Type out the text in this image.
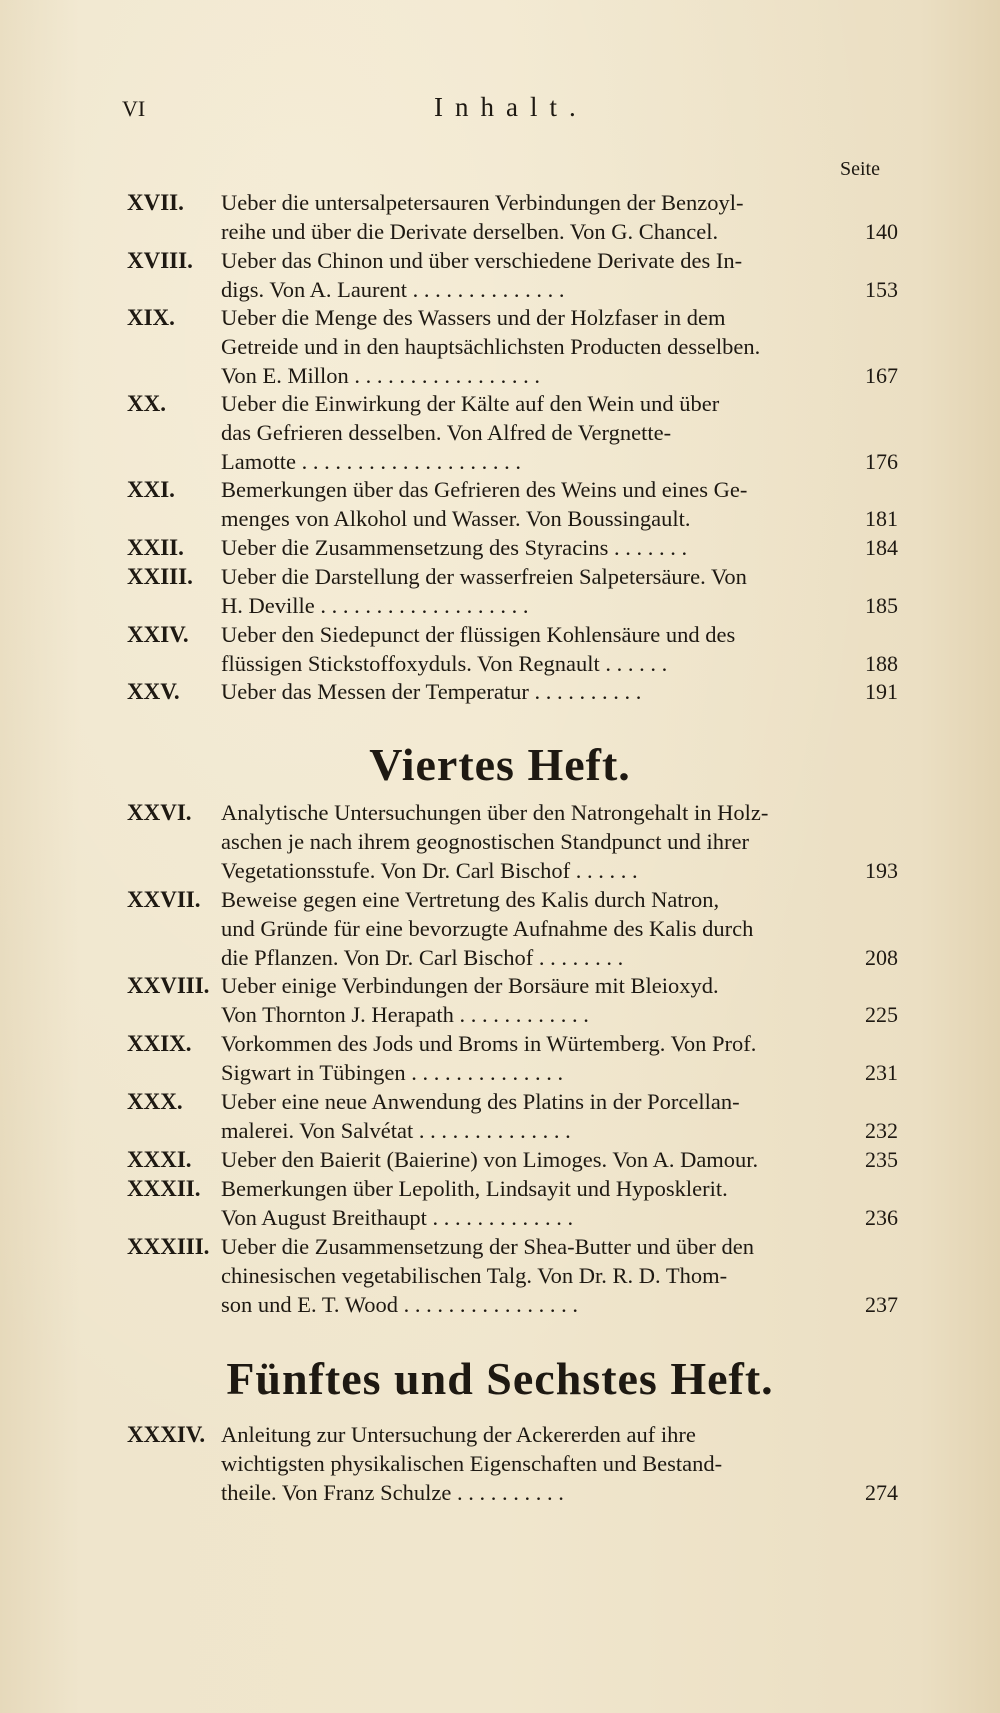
VI	Inhalt.
Seite
XVII. Ueber die untersalpetersauren Verbindungen der Benzoyl-
reihe und über die Derivate derselben. Von G. Chancel.	140
XVIII. Ueber das Chinon und über verschiedene Derivate des In-
digs. Von A. Laurent . . . . . . . . . . . . . .	153
XIX. Ueber die Menge des Wassers und der Holzfaser in dem
Getreide und in den hauptsächlichsten Producten desselben.
Von E. Millon . . . . . . . . . . . . . . . . .	167
XX. Ueber die Einwirkung der Kälte auf den Wein und über
das Gefrieren desselben. Von Alfred de Vergnette-
Lamotte . . . . . . . . . . . . . . . . . . . .	176
XXI. Bemerkungen über das Gefrieren des Weins und eines Ge-
menges von Alkohol und Wasser. Von Boussingault.	181
XXII. Ueber die Zusammensetzung des Styracins . . . . . . .	184
XXIII. Ueber die Darstellung der wasserfreien Salpetersäure. Von
H. Deville . . . . . . . . . . . . . . . . . . .	185
XXIV. Ueber den Siedepunct der flüssigen Kohlensäure und des
flüssigen Stickstoffoxyduls. Von Regnault . . . . . .	188
XXV. Ueber das Messen der Temperatur . . . . . . . . . .	191
XXVI. Analytische Untersuchungen über den Natrongehalt in Holz-
aschen je nach ihrem geognostischen Standpunct und ihrer
Vegetationsstufe. Von Dr. Carl Bischof . . . . . .	193
XXVII. Beweise gegen eine Vertretung des Kalis durch Natron,
und Gründe für eine bevorzugte Aufnahme des Kalis durch
die Pflanzen. Von Dr. Carl Bischof . . . . . . . .	208
XXVIII. Ueber einige Verbindungen der Borsäure mit Bleioxyd.
Von Thornton J. Herapath . . . . . . . . . . . .	225
XXIX. Vorkommen des Jods und Broms in Würtemberg. Von Prof.
Sigwart in Tübingen . . . . . . . . . . . . . .	231
XXX. Ueber eine neue Anwendung des Platins in der Porcellan-
malerei. Von Salvétat . . . . . . . . . . . . . .	232
XXXI. Ueber den Baierit (Baierine) von Limoges. Von A. Damour.	235
XXXII. Bemerkungen über Lepolith, Lindsayit und Hyposklerit.
Von August Breithaupt . . . . . . . . . . . . .	236
XXXIII. Ueber die Zusammensetzung der Shea-Butter und über den
chinesischen vegetabilischen Talg. Von Dr. R. D. Thom-
son und E. T. Wood . . . . . . . . . . . . . . . .	237
XXXIV. Anleitung zur Untersuchung der Ackererden auf ihre
wichtigsten physikalischen Eigenschaften und Bestand-
theile. Von Franz Schulze . . . . . . . . . .	274
Viertes Heft.
Fünftes und Sechstes Heft.
